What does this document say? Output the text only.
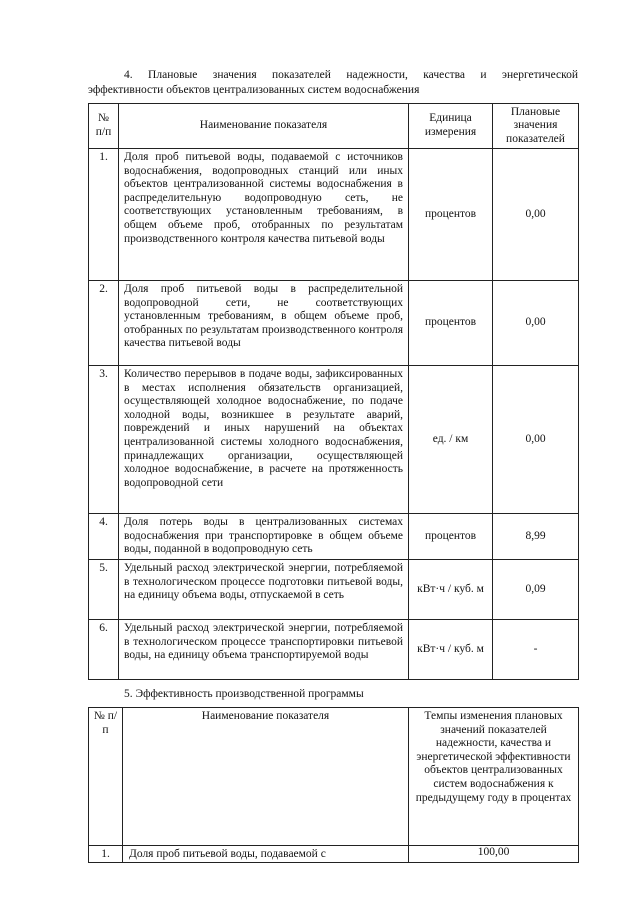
4. Плановые значения показателей надежности, качества и энергетической
эффективности объектов централизованных систем водоснабжения
№ п/п	Наименование показателя	Единица измерения	Плановые значения показателей
1.	Доля проб питьевой воды, подаваемой с источников водоснабжения, водопроводных станций или иных объектов централизованной системы водоснабжения в распределительную водопроводную сеть, не соответствующих установленным требованиям, в общем объеме проб, отобранных по результатам производственного контроля качества питьевой воды	процентов	0,00
2.	Доля проб питьевой воды в распределительной водопроводной сети, не соответствующих установленным требованиям, в общем объеме проб, отобранных по результатам производственного контроля качества питьевой воды	процентов	0,00
3.	Количество перерывов в подаче воды, зафиксированных в местах исполнения обязательств организацией, осуществляющей холодное водоснабжение, по подаче холодной воды, возникшее в результате аварий, повреждений и иных нарушений на объектах централизованной системы холодного водоснабжения, принадлежащих организации, осуществляющей холодное водоснабжение, в расчете на протяженность водопроводной сети	ед. / км	0,00
4.	Доля потерь воды в централизованных системах водоснабжения при транспортировке в общем объеме воды, поданной в водопроводную сеть	процентов	8,99
5.	Удельный расход электрической энергии, потребляемой в технологическом процессе подготовки питьевой воды, на единицу объема воды, отпускаемой в сеть	кВт·ч / куб. м	0,09
6.	Удельный расход электрической энергии, потребляемой в технологическом процессе транспортировки питьевой воды, на единицу объема транспортируемой воды	кВт·ч / куб. м	-
5. Эффективность производственной программы
№ п/п	Наименование показателя	Темпы изменения плановых значений показателей надежности, качества и энергетической эффективности объектов централизованных систем водоснабжения к предыдущему году в процентах
1.	Доля проб питьевой воды, подаваемой с	100,00
